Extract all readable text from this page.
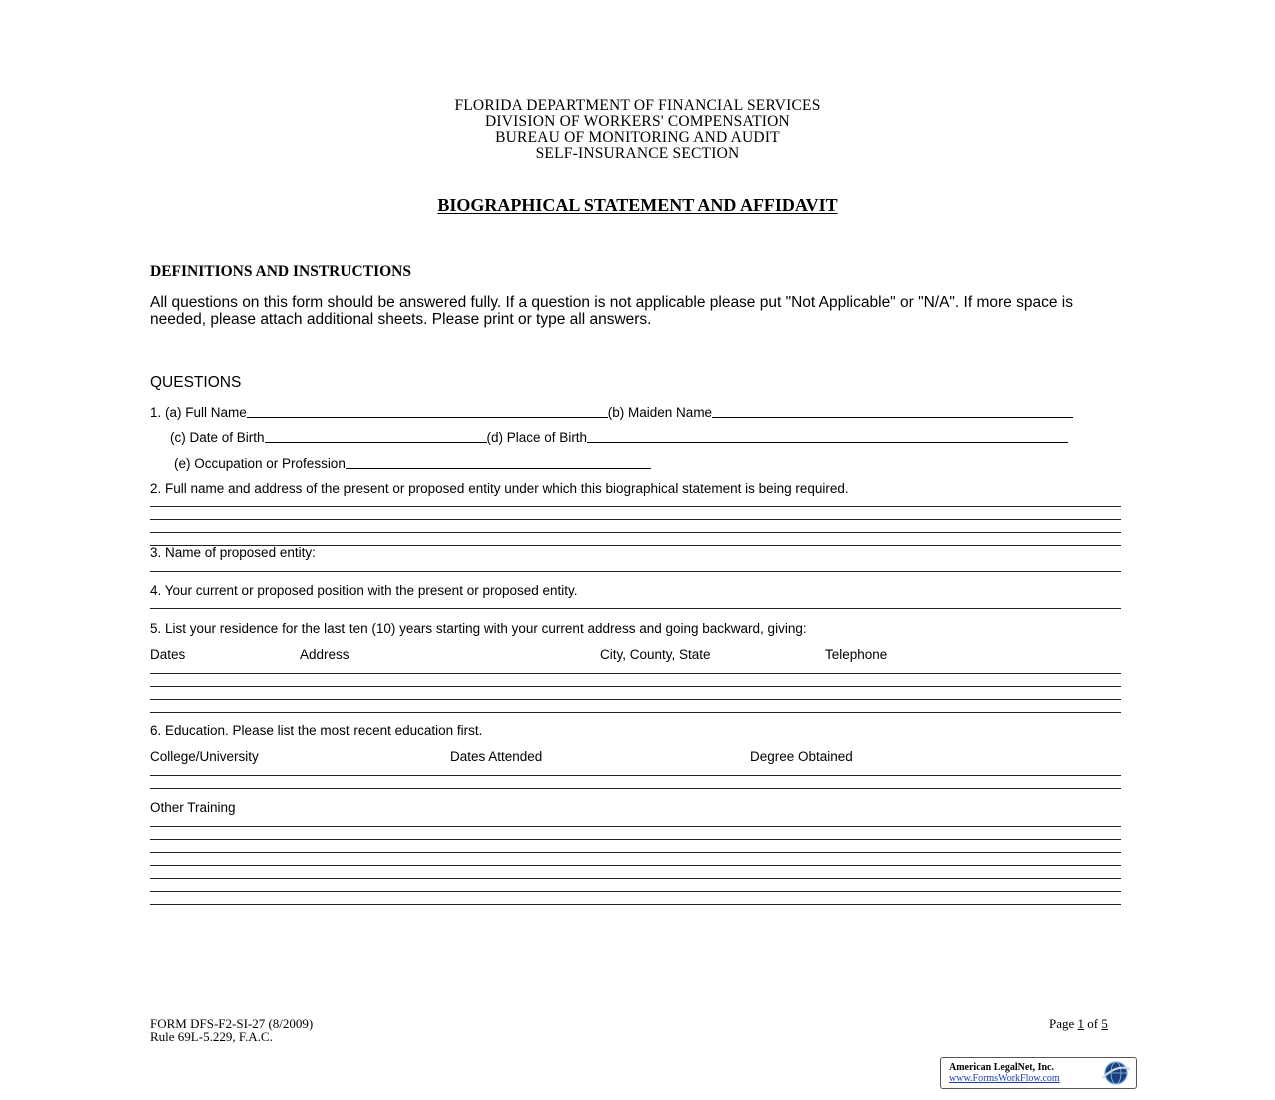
FLORIDA DEPARTMENT OF FINANCIAL SERVICES
DIVISION OF WORKERS' COMPENSATION
BUREAU OF MONITORING AND AUDIT
SELF-INSURANCE SECTION
BIOGRAPHICAL STATEMENT AND AFFIDAVIT
DEFINITIONS AND INSTRUCTIONS
All questions on this form should be answered fully. If a question is not applicable please put "Not Applicable" or "N/A". If more space is needed, please attach additional sheets. Please print or type all answers.
QUESTIONS
1. (a) Full Name	(b) Maiden Name
(c) Date of Birth	(d) Place of Birth
(e) Occupation or Profession
2. Full name and address of the present or proposed entity under which this biographical statement is being required.
3. Name of proposed entity:
4. Your current or proposed position with the present or proposed entity.
5. List your residence for the last ten (10) years starting with your current address and going backward, giving:
Dates	Address	City, County, State	Telephone
6. Education. Please list the most recent education first.
College/University	Dates Attended	Degree Obtained
Other Training
FORM DFS-F2-SI-27 (8/2009)
Rule 69L-5.229, F.A.C.
Page 1 of 5
American LegalNet, Inc.
www.FormsWorkFlow.com
